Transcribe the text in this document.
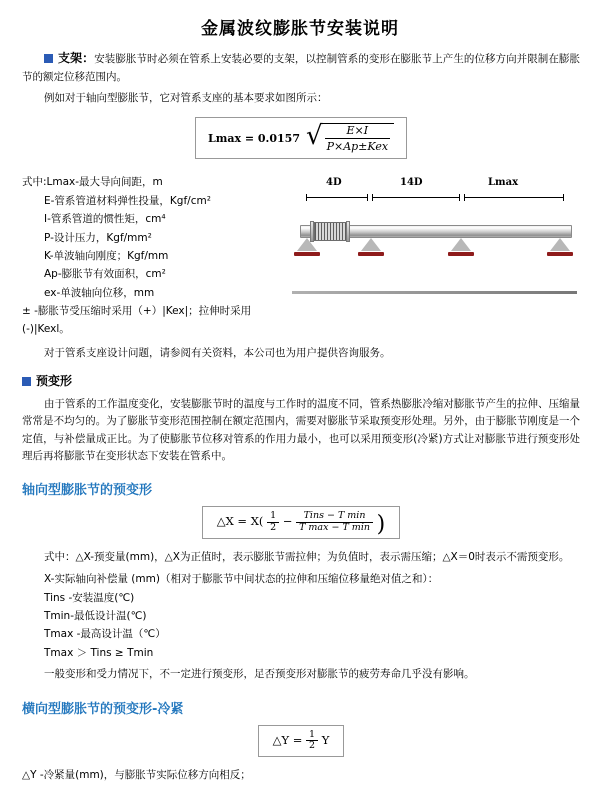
金属波纹膨胀节安装说明

支架：安装膨胀节时必须在管系上安装必要的支架，以控制管系的变形在膨胀节上产生的位移方向并限制在膨胀节的额定位移范围内。

例如对于轴向型膨胀节，它对管系支座的基本要求如图所示：

Lmax = 0.0157 √
$\frac{E\times I}{\text{P×Ap±Kex}}$
式中:Lmax-最大导向间距，m
E-管系管道材料弹性投量，Kgf/cm²
I-管系管道的惯性矩，cm⁴
P-设计压力，Kgf/mm²
K-单波轴向刚度；Kgf/mm
Ap-膨胀节有效面积，cm²
ex-单波轴向位移，mm
± -膨胀节受压缩时采用（+）|Kex|；拉伸时采用(-)|Kexl。
4D	14D	Lmax

对于管系支座设计问题，请参阅有关资料，本公司也为用户提供咨询服务。

预变形

由于管系的工作温度变化，安装膨胀节时的温度与工作时的温度不同，管系热膨胀冷缩对膨胀节产生的拉伸、压缩量常常是不均匀的。为了膨胀节变形范围控制在额定范围内，需要对膨胀节采取预变形处理。另外，由于膨胀节刚度是一个定值，与补偿量成正比。为了使膨胀节位移对管系的作用力最小，也可以采用预变形(冷紧)方式让对膨胀节进行预变形处理后再将膨胀节在变形状态下安装在管系中。

轴向型膨胀节的预变形
△X = $X( \frac{1}{2} - \frac{\text{Tins − T min}}{\text{T max − T min}}$ )

式中：△X-预变量(mm)，△X为正值时，表示膨胀节需拉伸；为负值时，表示需压缩；△X＝0时表示不需预变形。

X-实际轴向补偿量 (mm)（相对于膨胀节中间状态的拉伸和压缩位移量绝对值之和）：
Tins -安装温度(℃)
Tmin-最低设计温(℃)
Tmax -最高设计温（℃）
Tmax ＞ Tins ≥ Tmin

一般变形和受力情况下，不一定进行预变形，足否预变形对膨胀节的疲劳寿命几乎没有影响。

横向型膨胀节的预变形-冷紧
△Y = $\frac{1}{2}$ Y

△Y -冷紧量(mm)，与膨胀节实际位移方向相反；
